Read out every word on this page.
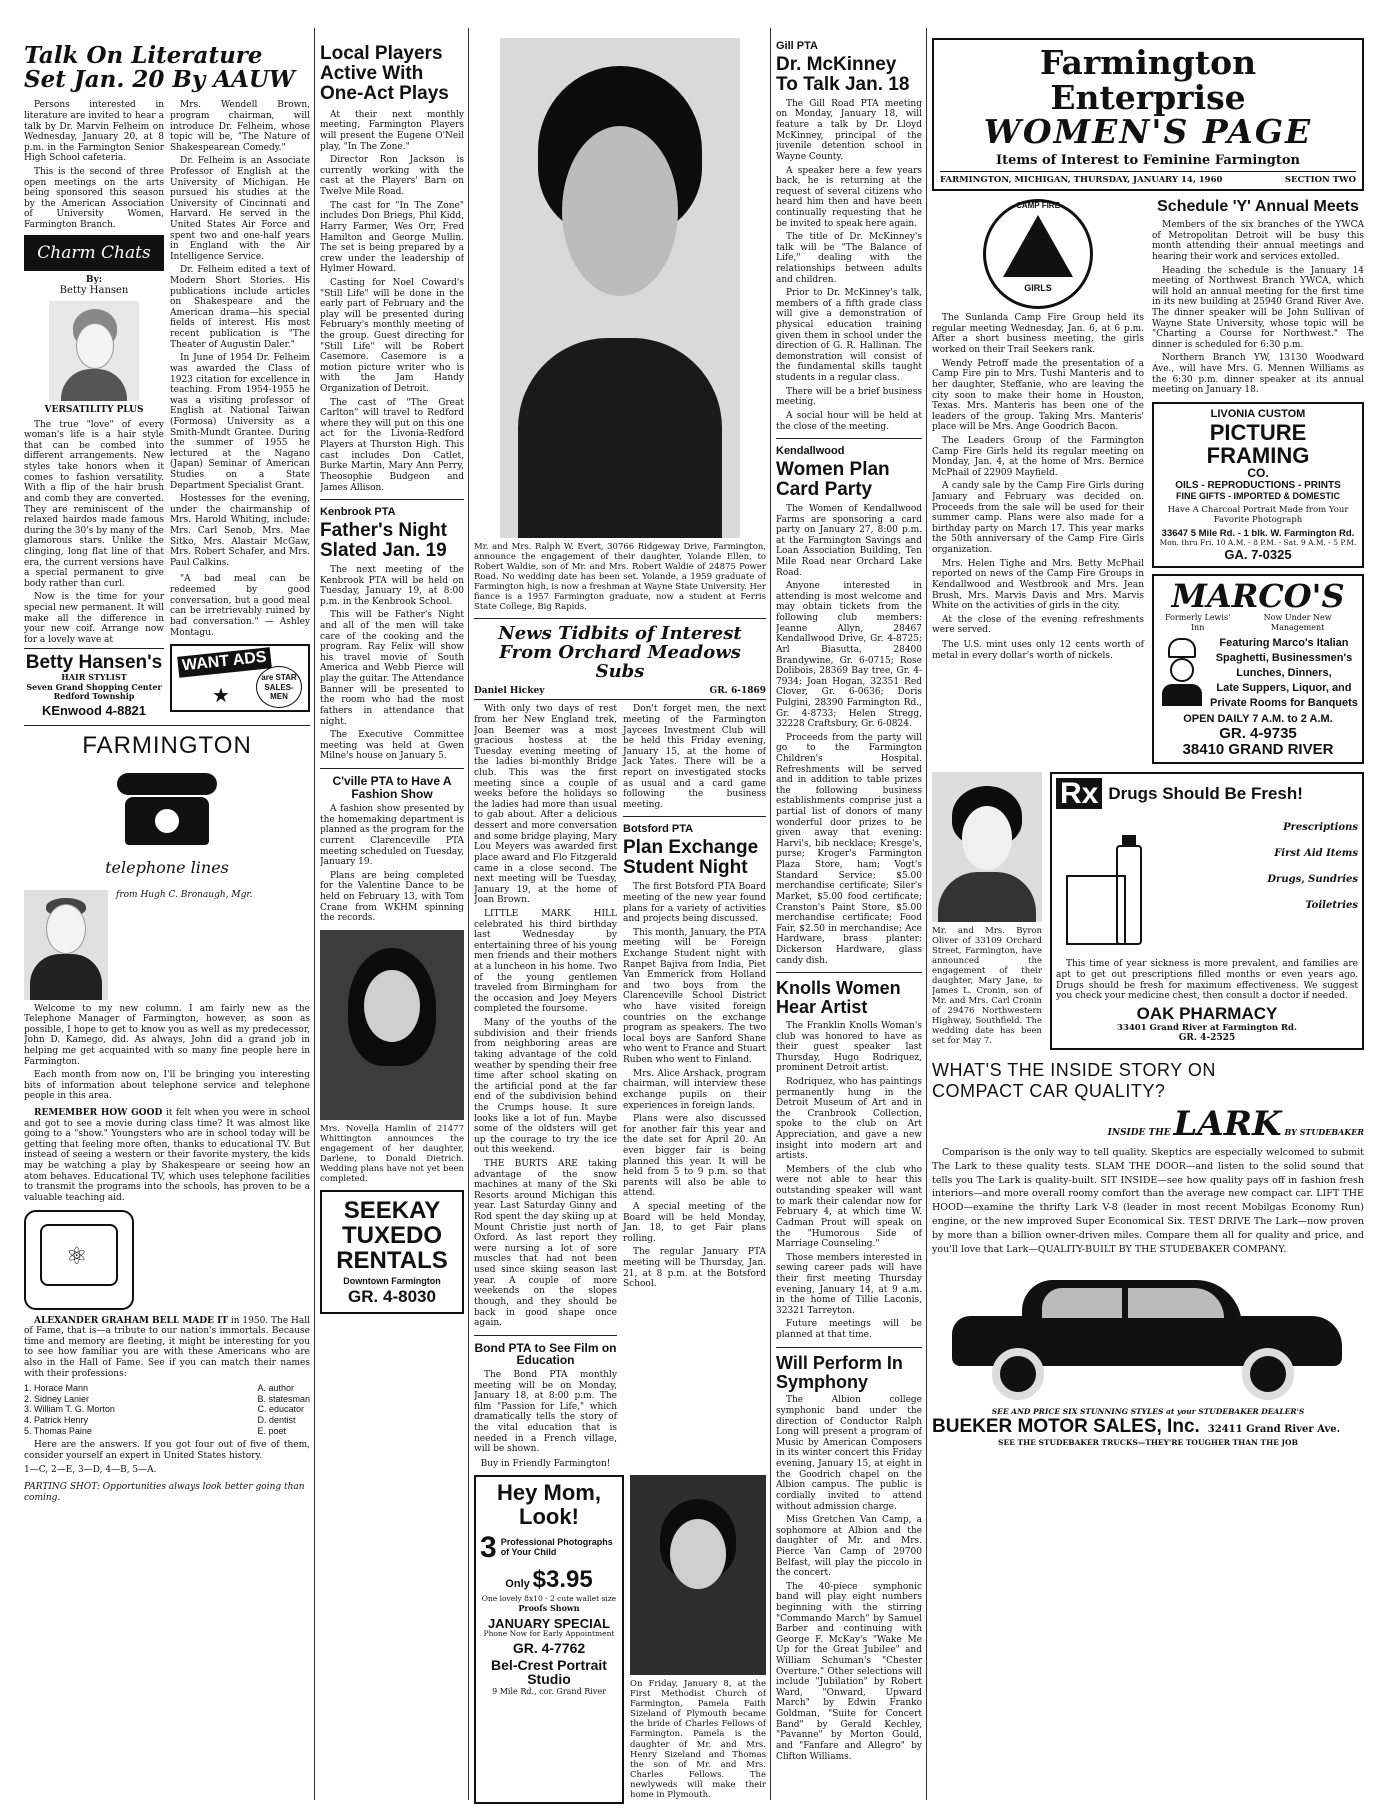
Talk On Literature Set Jan. 20 By AAUW
Persons interested in literature are invited to hear a talk by Dr. Marvin Felheim on Wednesday, January 20, at 8 p.m. in the Farmington Senior High School cafeteria.
This is the second of three open meetings on the arts being sponsored this season by the American Association of University Women, Farmington Branch.
Charm Chats
By:
Betty Hansen
VERSATILITY PLUS
The true "love" of every woman's life is a hair style that can be combed into different arrangements. New styles take honors when it comes to fashion versatility. With a flip of the hair brush and comb they are converted. They are reminiscent of the relaxed hairdos made famous during the 30's by many of the glamorous stars. Unlike the clinging, long flat line of that era, the current versions have a special permanent to give body rather than curl.
Now is the time for your special new permanent. It will make all the difference in your new coif. Arrange now for a lovely wave at
Betty Hansen's
HAIR STYLIST
Seven Grand Shopping Center
Redford Township
KEnwood 4-8821
Mrs. Wendell Brown, program chairman, will introduce Dr. Felheim, whose topic will be, "The Nature of Shakespearean Comedy."
Dr. Felheim is an Associate Professor of English at the University of Michigan. He pursued his studies at the University of Cincinnati and Harvard. He served in the United States Air Force and spent two and one-half years in England with the Air Intelligence Service.
Dr. Felheim edited a text of Modern Short Stories. His publications include articles on Shakespeare and the American drama—his special fields of interest. His most recent publication is "The Theater of Augustin Daler."
In June of 1954 Dr. Felheim was awarded the Class of 1923 citation for excellence in teaching. From 1954-1955 he was a visiting professor of English at National Taiwan (Formosa) University as a Smith-Mundt Grantee. During the summer of 1955 he lectured at the Nagano (Japan) Seminar of American Studies on a State Department Specialist Grant.
Hostesses for the evening, under the chairmanship of Mrs. Harold Whiting, include: Mrs. Carl Senob, Mrs. Mae Sitko, Mrs. Alastair McGaw, Mrs. Robert Schafer, and Mrs. Paul Calkins.
"A bad meal can be redeemed by good conversation, but a good meal can be irretrievably ruined by bad conversation." — Ashley Montagu.
WANT ADS
are STAR SALES-MEN
★
FARMINGTON
telephone lines
from Hugh C. Bronaugh, Mgr.
Welcome to my new column. I am fairly new as the Telephone Manager of Farmington, however, as soon as possible, I hope to get to know you as well as my predecessor, John D. Kamego, did. As always, John did a grand job in helping me get acquainted with so many fine people here in Farmington.
Each month from now on, I'll be bringing you interesting bits of information about telephone service and telephone people in this area.
REMEMBER HOW GOOD it felt when you were in school and got to see a movie during class time? It was almost like going to a "show." Youngsters who are in school today will be getting that feeling more often, thanks to educational TV. But instead of seeing a western or their favorite mystery, the kids may be watching a play by Shakespeare or seeing how an atom behaves. Educational TV, which uses telephone facilities to transmit the programs into the schools, has proven to be a valuable teaching aid.
⚛
ALEXANDER GRAHAM BELL MADE IT in 1950. The Hall of Fame, that is—a tribute to our nation's immortals. Because time and memory are fleeting, it might be interesting for you to see how familiar you are with these Americans who are also in the Hall of Fame. See if you can match their names with their professions:
1. Horace Mann
2. Sidney Lanier
3. William T. G. Morton
4. Patrick Henry
5. Thomas Paine
A. author
B. statesman
C. educator
D. dentist
E. poet
Here are the answers. If you got four out of five of them, consider yourself an expert in United States history.
1—C, 2—E, 3—D, 4—B, 5—A.
PARTING SHOT: Opportunities always look better going than coming.
Local Players Active With One-Act Plays
At their next monthly meeting, Farmington Players will present the Eugene O'Neil play, "In The Zone."
Director Ron Jackson is currently working with the cast at the Players' Barn on Twelve Mile Road.
The cast for "In The Zone" includes Don Briegs, Phil Kidd, Harry Farmer, Wes Orr, Fred Hamilton and George Mullin. The set is being prepared by a crew under the leadership of Hylmer Howard.
Casting for Noel Coward's "Still Life" will be done in the early part of February and the play will be presented during February's monthly meeting of the group. Guest directing for "Still Life" will be Robert Casemore. Casemore is a motion picture writer who is with the Jam Handy Organization of Detroit.
The cast of "The Great Carlton" will travel to Redford where they will put on this one act for the Livonia-Redford Players at Thurston High. This cast includes Don Catlet, Burke Martin, Mary Ann Perry, Theosophie Budgeon and James Allison.
Kenbrook PTA
Father's Night Slated Jan. 19
The next meeting of the Kenbrook PTA will be held on Tuesday, January 19, at 8:00 p.m. in the Kenbrook School.
This will be Father's Night and all of the men will take care of the cooking and the program. Ray Felix will show his travel movie of South America and Webb Pierce will play the guitar. The Attendance Banner will be presented to the room who had the most fathers in attendance that night.
The Executive Committee meeting was held at Gwen Milne's house on January 5.
C'ville PTA to Have A Fashion Show
A fashion show presented by the homemaking department is planned as the program for the current Clarenceville PTA meeting scheduled on Tuesday, January 19.
Plans are being completed for the Valentine Dance to be held on February 13, with Tom Crane from WKHM spinning the records.
Mrs. Novella Hamlin of 21477 Whittington announces the engagement of her daughter, Darlene, to Donald Dietrich. Wedding plans have not yet been completed.
SEEKAY
TUXEDO
RENTALS
Downtown Farmington
GR. 4-8030
Mr. and Mrs. Ralph W. Evert, 30766 Ridgeway Drive, Farmington, announce the engagement of their daughter, Yolande Ellen, to Robert Waldie, son of Mr. and Mrs. Robert Waldie of 24875 Power Road. No wedding date has been set. Yolande, a 1959 graduate of Farmington high, is now a freshman at Wayne State University. Her fiance is a 1957 Farmington graduate, now a student at Ferris State College, Big Rapids.
News Tidbits of Interest From Orchard Meadows Subs
Daniel Hickey	GR. 6-1869
With only two days of rest from her New England trek, Joan Beemer was a most gracious hostess at the Tuesday evening meeting of the ladies bi-monthly Bridge club. This was the first meeting since a couple of weeks before the holidays so the ladies had more than usual to gab about. After a delicious dessert and more conversation and some bridge playing, Mary Lou Meyers was awarded first place award and Flo Fitzgerald came in a close second. The next meeting will be Tuesday, January 19, at the home of Joan Brown.
LITTLE MARK HILL celebrated his third birthday last Wednesday by entertaining three of his young men friends and their mothers at a luncheon in his home. Two of the young gentlemen traveled from Birmingham for the occasion and Joey Meyers completed the foursome.
Many of the youths of the subdivision and their friends from neighboring areas are taking advantage of the cold weather by spending their free time after school skating on the artificial pond at the far end of the subdivision behind the Crumps house. It sure looks like a lot of fun. Maybe some of the oldsters will get up the courage to try the ice out this weekend.
THE BURTS ARE taking advantage of the snow machines at many of the Ski Resorts around Michigan this year. Last Saturday Ginny and Rod spent the day skiing up at Mount Christie just north of Oxford. As last report they were nursing a lot of sore muscles that had not been used since skiing season last year. A couple of more weekends on the slopes though, and they should be back in good shape once again.
Bond PTA to See Film on Education
The Bond PTA monthly meeting will be on Monday, January 18, at 8:00 p.m. The film "Passion for Life," which dramatically tells the story of the vital education that is needed in a French village, will be shown.
Buy in Friendly Farmington!
Don't forget men, the next meeting of the Farmington Jaycees Investment Club will be held this Friday evening, January 15, at the home of Jack Yates. There will be a report on investigated stocks as usual and a card game following the business meeting.
Botsford PTA
Plan Exchange Student Night
The first Botsford PTA Board meeting of the new year found plans for a variety of activities and projects being discussed.
This month, January, the PTA meeting will be Foreign Exchange Student night with Ranpet Bajiva from India, Piet Van Emmerick from Holland and two boys from the Clarenceville School District who have visited foreign countries on the exchange program as speakers. The two local boys are Sanford Shane who went to France and Stuart Ruben who went to Finland.
Mrs. Alice Arshack, program chairman, will interview these exchange pupils on their experiences in foreign lands.
Plans were also discussed for another fair this year and the date set for April 20. An even bigger fair is being planned this year. It will be held from 5 to 9 p.m. so that parents will also be able to attend.
A special meeting of the Board will be held Monday, Jan. 18, to get Fair plans rolling.
The regular January PTA meeting will be Thursday, Jan. 21, at 8 p.m. at the Botsford School.
Hey Mom,
Look!
3 Professional Photographs of Your Child
Only $3.95
One lovely 8x10 - 2 cute wallet size
Proofs Shown
JANUARY SPECIAL
Phone Now for Early Appointment
GR. 4-7762
Bel-Crest Portrait Studio
9 Mile Rd., cor. Grand River
On Friday, January 8, at the First Methodist Church of Farmington, Pamela Faith Sizeland of Plymouth became the bride of Charles Fellows of Farmington. Pamela is the daughter of Mr. and Mrs. Henry Sizeland and Thomas the son of Mr. and Mrs. Charles Fellows. The newlyweds will make their home in Plymouth.
Gill PTA
Dr. McKinney To Talk Jan. 18
The Gill Road PTA meeting on Monday, January 18, will feature a talk by Dr. Lloyd McKinney, principal of the juvenile detention school in Wayne County.
A speaker here a few years back, he is returning at the request of several citizens who heard him then and have been continually requesting that he be invited to speak here again.
The title of Dr. McKinney's talk will be "The Balance of Life," dealing with the relationships between adults and children.
Prior to Dr. McKinney's talk, members of a fifth grade class will give a demonstration of physical education training given them in school under the direction of G. R. Hallinan. The demonstration will consist of the fundamental skills taught students in a regular class.
There will be a brief business meeting.
A social hour will be held at the close of the meeting.
Kendallwood
Women Plan Card Party
The Women of Kendallwood Farms are sponsoring a card party on January 27, 8:00 p.m. at the Farmington Savings and Loan Association Building, Ten Mile Road near Orchard Lake Road.
Anyone interested in attending is most welcome and may obtain tickets from the following club members: Jeanne Allyn, 28467 Kendallwood Drive, Gr. 4-8725; Arl Biasutta, 28400 Brandywine, Gr. 6-0715; Rose Dolibois, 28369 Bay tree, Gr. 4-7934; Joan Hogan, 32351 Red Clover, Gr. 6-0636; Doris Pulgini, 28390 Farmington Rd., Gr. 4-8733; Helen Stregg, 32228 Craftsbury, Gr. 6-0824.
Proceeds from the party will go to the Farmington Children's Hospital. Refreshments will be served and in addition to table prizes the following business establishments comprise just a partial list of donors of many wonderful door prizes to be given away that evening: Harvi's, bib necklace; Kresge's, purse; Kroger's Farmington Plaza Store, ham; Vogt's Standard Service; $5.00 merchandise certificate; Siler's Market, $5.00 food certificate; Cranston's Paint Store, $5.00 merchandise certificate; Food Fair, $2.50 in merchandise; Ace Hardware, brass planter; Dickerson Hardware, glass candy dish.
Knolls Women Hear Artist
The Franklin Knolls Woman's club was honored to have as their guest speaker last Thursday, Hugo Rodriquez, prominent Detroit artist.
Rodriquez, who has paintings permanently hung in the Detroit Museum of Art and in the Cranbrook Collection, spoke to the club on Art Appreciation, and gave a new insight into modern art and artists.
Members of the club who were not able to hear this outstanding speaker will want to mark their calendar now for February 4, at which time W. Cadman Prout will speak on the "Humorous Side of Marriage Counseling."
Those members interested in sewing career pads will have their first meeting Thursday evening, January 14, at 9 a.m. in the home of Tillie Laconis, 32321 Tarreyton.
Future meetings will be planned at that time.
Will Perform In Symphony
The Albion college symphonic band under the direction of Conductor Ralph Long will present a program of Music by American Composers in its winter concert this Friday evening, January 15, at eight in the Goodrich chapel on the Albion campus. The public is cordially invited to attend without admission charge.
Miss Gretchen Van Camp, a sophomore at Albion and the daughter of Mr. and Mrs. Pierce Van Camp of 29700 Belfast, will play the piccolo in the concert.
The 40-piece symphonic band will play eight numbers beginning with the stirring "Commando March" by Samuel Barber and continuing with George F. McKay's "Wake Me Up for the Great Jubilee" and William Schuman's "Chester Overture." Other selections will include "Jubilation" by Robert Ward, "Onward, Upward March" by Edwin Franko Goldman, "Suite for Concert Band" by Gerald Kechley, "Pavanne" by Morton Gould, and "Fanfare and Allegro" by Clifton Williams.
Farmington Enterprise
WOMEN'S PAGE
Items of Interest to Feminine Farmington
FARMINGTON, MICHIGAN, THURSDAY, JANUARY 14, 1960	SECTION TWO
CAMP FIRE
GIRLS
The Sunlanda Camp Fire Group held its regular meeting Wednesday, Jan. 6, at 6 p.m. After a short business meeting, the girls worked on their Trail Seekers rank.
Wendy Petroff made the presentation of a Camp Fire pin to Mrs. Tushi Manteris and to her daughter, Steffanie, who are leaving the city soon to make their home in Houston, Texas. Mrs. Manteris has been one of the leaders of the group. Taking Mrs. Manteris' place will be Mrs. Ange Goodrich Bacon.
The Leaders Group of the Farmington Camp Fire Girls held its regular meeting on Monday, Jan. 4, at the home of Mrs. Bernice McPhail of 22909 Mayfield.
A candy sale by the Camp Fire Girls during January and February was decided on. Proceeds from the sale will be used for their summer camp. Plans were also made for a birthday party on March 17. This year marks the 50th anniversary of the Camp Fire Girls organization.
Mrs. Helen Tighe and Mrs. Betty McPhail reported on news of the Camp Fire Groups in Kendallwood and Westbrook and Mrs. Jean Brush, Mrs. Marvis Davis and Mrs. Marvis White on the activities of girls in the city.
At the close of the evening refreshments were served.
The U.S. mint uses only 12 cents worth of metal in every dollar's worth of nickels.
Schedule 'Y' Annual Meets
Members of the six branches of the YWCA of Metropolitan Detroit will be busy this month attending their annual meetings and hearing their work and services extolled.
Heading the schedule is the January 14 meeting of Northwest Branch YWCA, which will hold an annual meeting for the first time in its new building at 25940 Grand River Ave. The dinner speaker will be John Sullivan of Wayne State University, whose topic will be "Charting a Course for Northwest." The dinner is scheduled for 6:30 p.m.
Northern Branch YW, 13130 Woodward Ave., will have Mrs. G. Mennen Williams as the 6:30 p.m. dinner speaker at its annual meeting on January 18.
LIVONIA CUSTOM
PICTURE FRAMING
CO.
OILS - REPRODUCTIONS - PRINTS
FINE GIFTS - IMPORTED & DOMESTIC
Have A Charcoal Portrait Made from Your Favorite Photograph
33647 5 Mile Rd. - 1 blk. W. Farmington Rd.
Mon. thru Fri. 10 A.M. - 8 P.M. - Sat. 9 A.M. - 5 P.M.
GA. 7-0325
MARCO'S
Formerly Lewis' Inn
Now Under New Management
Featuring Marco's Italian
Spaghetti, Businessmen's
Lunches, Dinners,
Late Suppers, Liquor, and
Private Rooms for Banquets
OPEN DAILY 7 A.M. to 2 A.M.
GR. 4-9735
38410 GRAND RIVER
Mr. and Mrs. Byron Oliver of 33109 Orchard Street, Farmington, have announced the engagement of their daughter, Mary Jane, to James L. Cronin, son of Mr. and Mrs. Carl Cronin of 29476 Northwestern Highway, Southfield. The wedding date has been set for May 7.
Rx Drugs Should Be Fresh!
Prescriptions
First Aid Items
Drugs, Sundries
Toiletries
This time of year sickness is more prevalent, and families are apt to get out prescriptions filled months or even years ago. Drugs should be fresh for maximum effectiveness. We suggest you check your medicine chest, then consult a doctor if needed.
OAK PHARMACY
33401 Grand River at Farmington Rd.
GR. 4-2525
WHAT'S THE INSIDE STORY ON
COMPACT CAR QUALITY?
INSIDE THE LARK BY STUDEBAKER
Comparison is the only way to tell quality. Skeptics are especially welcomed to submit The Lark to these quality tests. SLAM THE DOOR—and listen to the solid sound that tells you The Lark is quality-built. SIT INSIDE—see how quality pays off in fashion fresh interiors—and more overall roomy comfort than the average new compact car. LIFT THE HOOD—examine the thrifty Lark V-8 (leader in most recent Mobilgas Economy Run) engine, or the new improved Super Economical Six. TEST DRIVE The Lark—now proven by more than a billion owner-driven miles. Compare them all for quality and price, and you'll love that Lark—QUALITY-BUILT BY THE STUDEBAKER COMPANY.
SEE AND PRICE SIX STUNNING STYLES at your STUDEBAKER DEALER'S
BUEKER MOTOR SALES, Inc. 32411 Grand River Ave.
SEE THE STUDEBAKER TRUCKS—THEY'RE TOUGHER THAN THE JOB
